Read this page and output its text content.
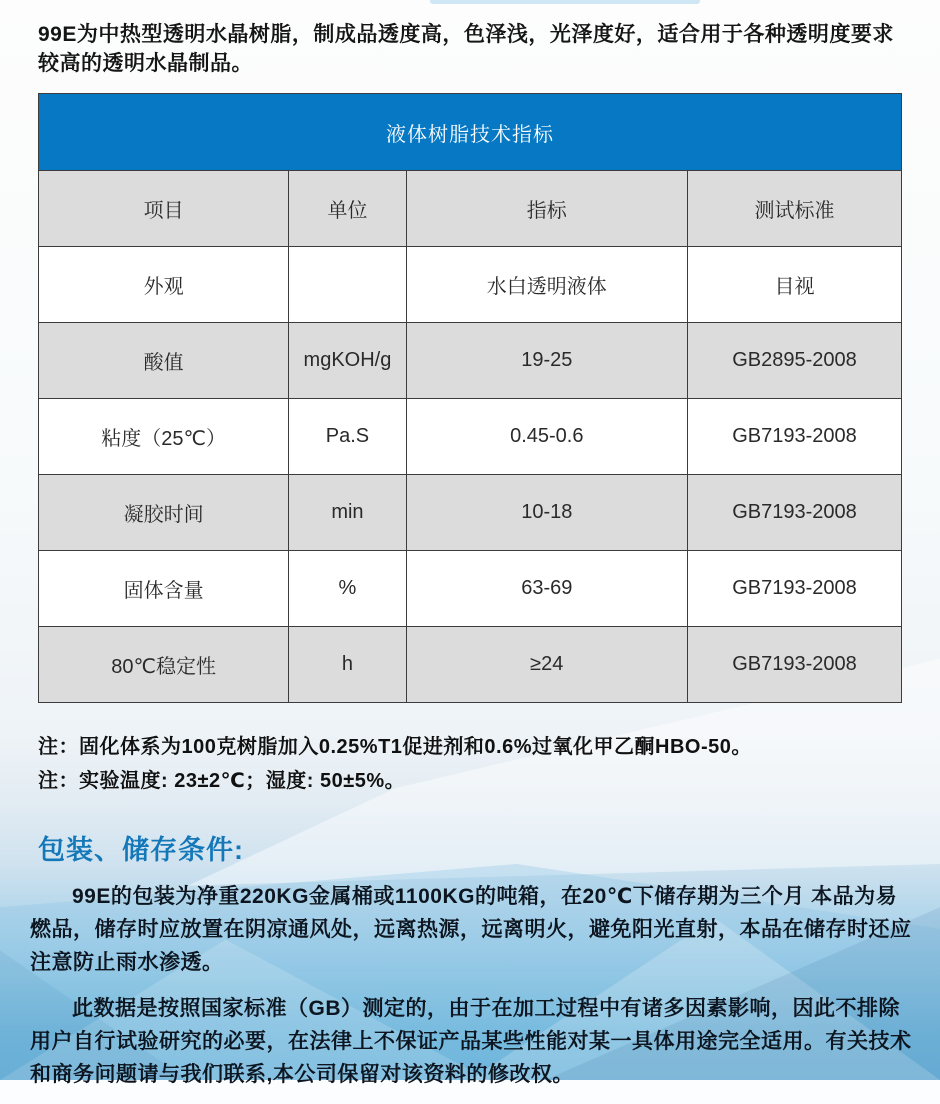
99E为中热型透明水晶树脂，制成品透度高，色泽浅，光泽度好，适合用于各种透明度要求较高的透明水晶制品。
液体树脂技术指标			
项目	单位	指标	测试标准
外观		水白透明液体	目视
酸值	mgKOH/g	19-25	GB2895-2008
粘度（25℃）	Pa.S	0.45-0.6	GB7193-2008
凝胶时间	min	10-18	GB7193-2008
固体含量	%	63-69	GB7193-2008
80℃稳定性	h	≥24	GB7193-2008
注：固化体系为100克树脂加入0.25%T1促进剂和0.6%过氧化甲乙酮HBO-50。
注：实验温度: 23±2℃；湿度: 50±5%。
包装、储存条件:

99E的包装为净重220KG金属桶或1100KG的吨箱，在20℃下储存期为三个月 本品为易燃品，储存时应放置在阴凉通风处，远离热源，远离明火，避免阳光直射，本品在储存时还应注意防止雨水渗透。

此数据是按照国家标准（GB）测定的，由于在加工过程中有诸多因素影响，因此不排除用户自行试验研究的必要，在法律上不保证产品某些性能对某一具体用途完全适用。有关技术和商务问题请与我们联系,本公司保留对该资料的修改权。
